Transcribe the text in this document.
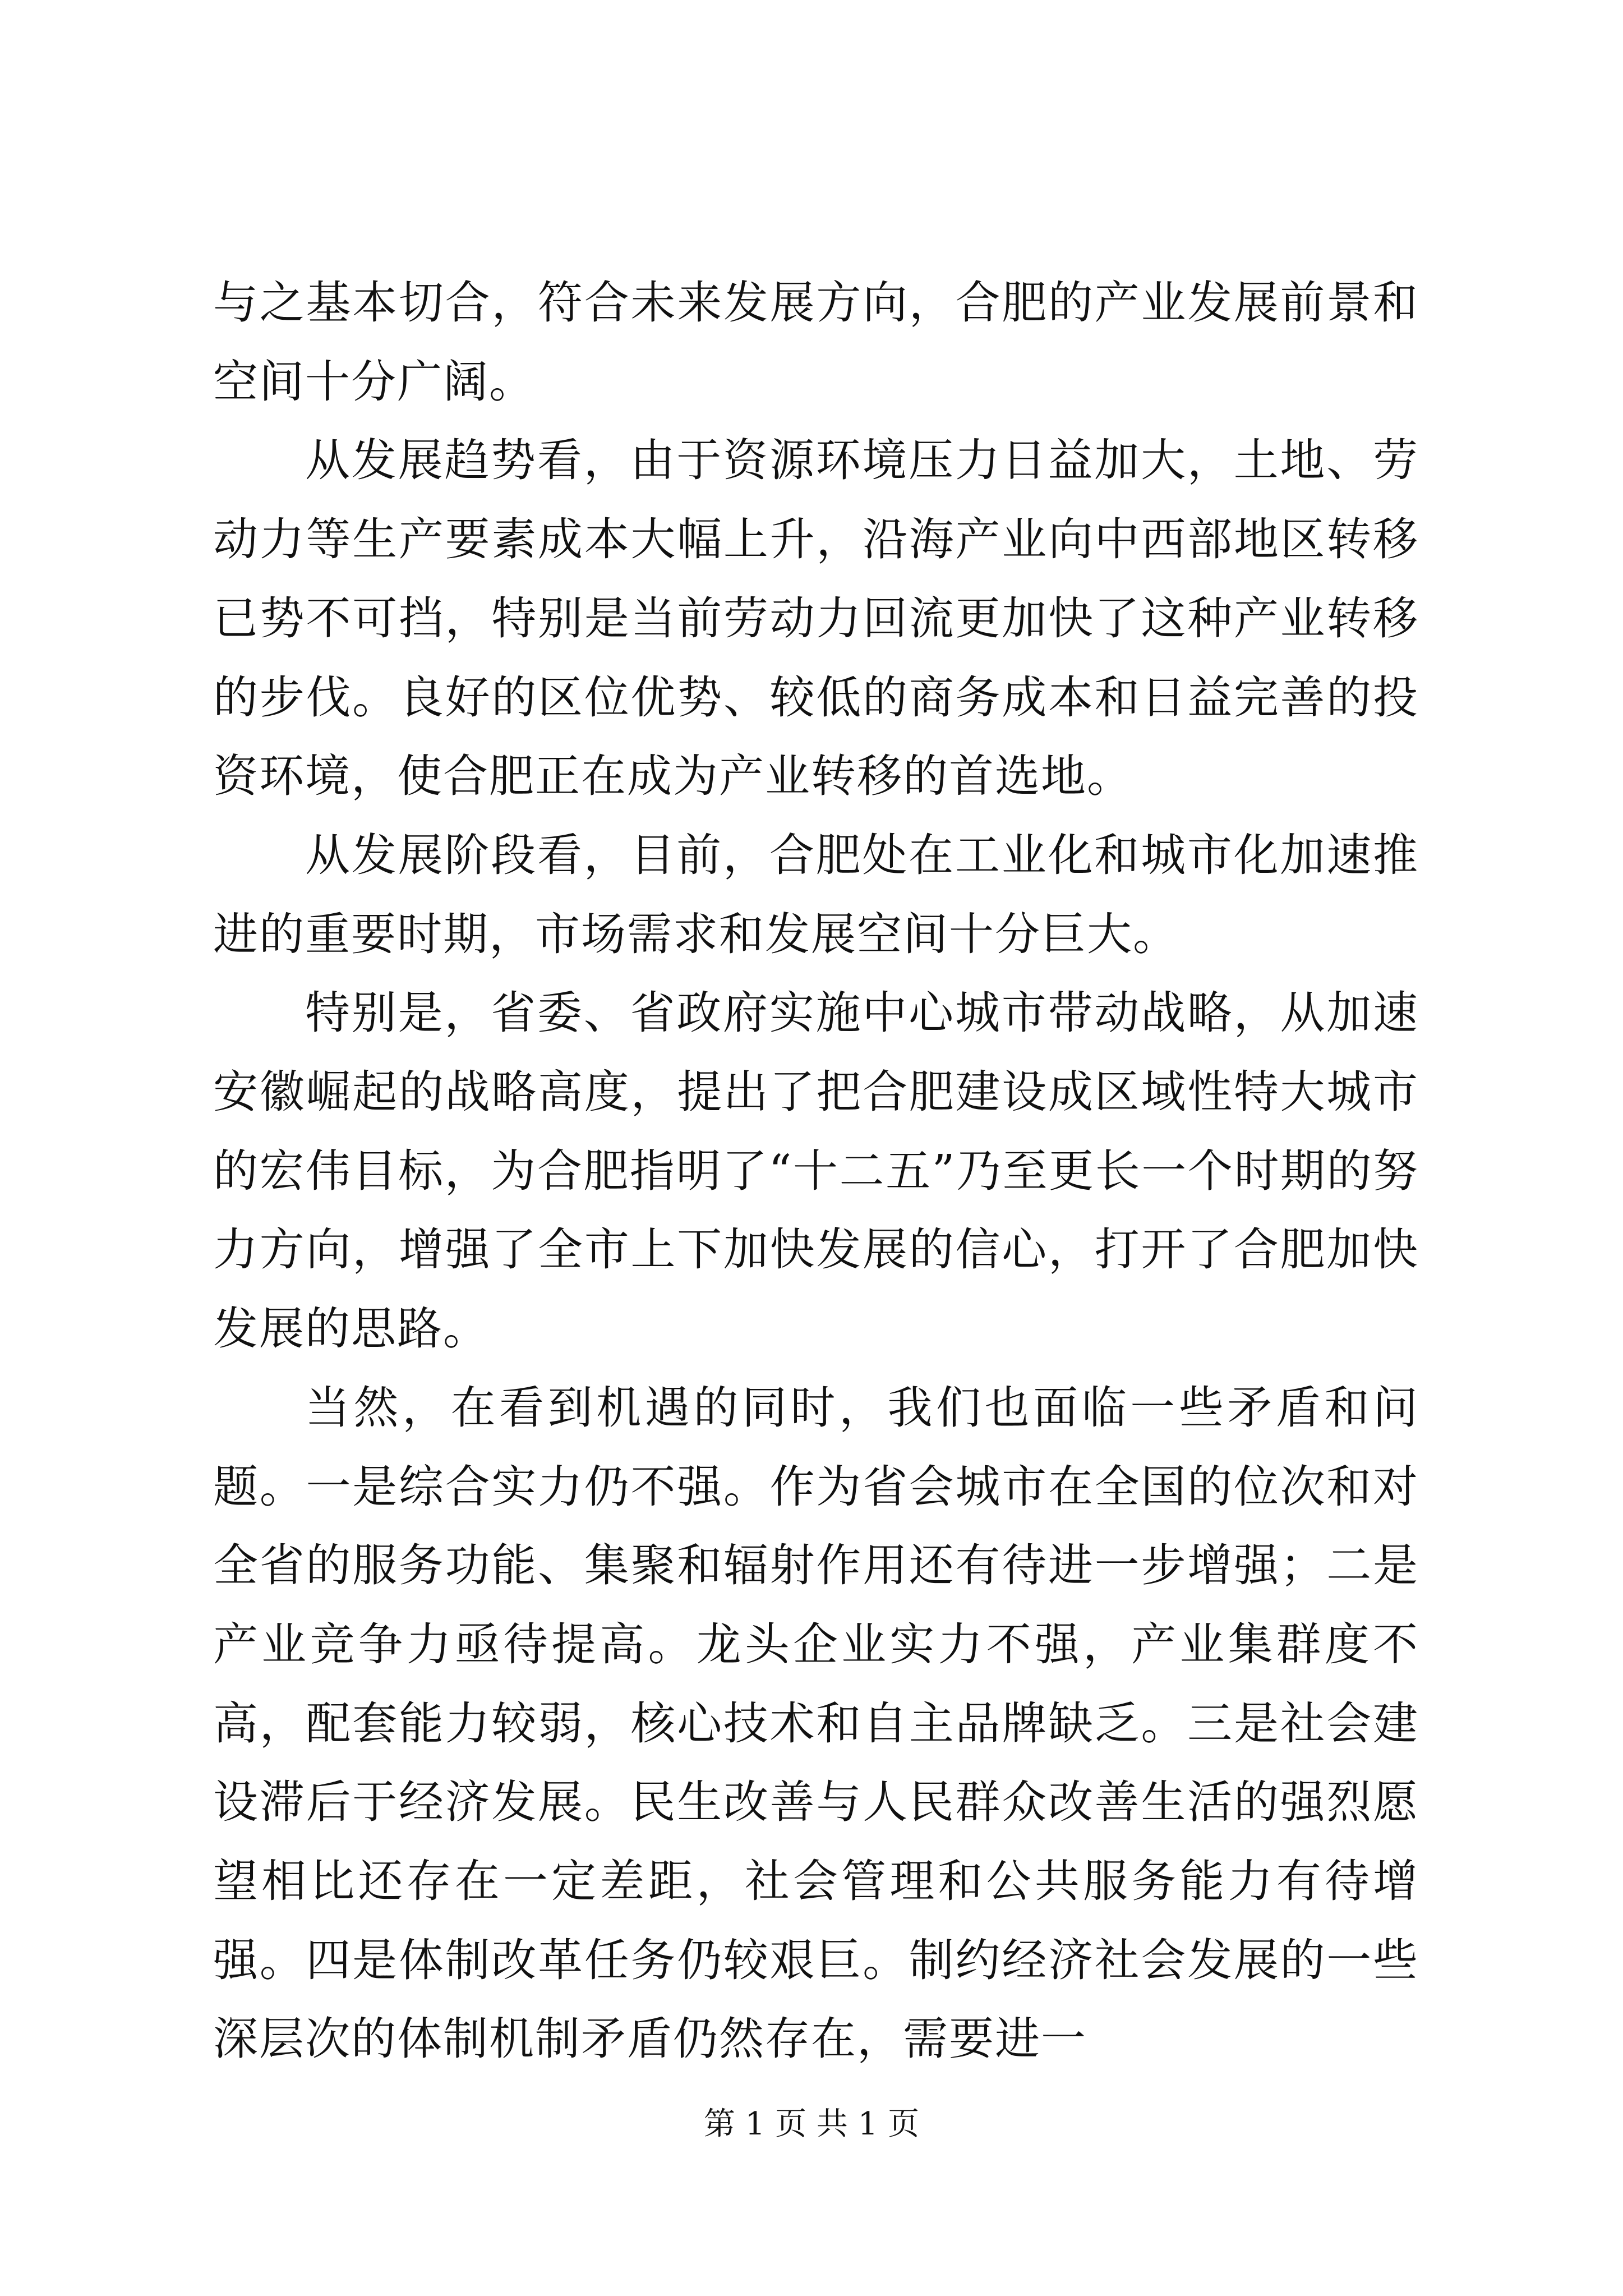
与之基本切合，符合未来发展方向，合肥的产业发展前景和空间十分广阔。

从发展趋势看，由于资源环境压力日益加大，土地、劳动力等生产要素成本大幅上升，沿海产业向中西部地区转移已势不可挡，特别是当前劳动力回流更加快了这种产业转移的步伐。良好的区位优势、较低的商务成本和日益完善的投资环境，使合肥正在成为产业转移的首选地。

从发展阶段看，目前，合肥处在工业化和城市化加速推进的重要时期，市场需求和发展空间十分巨大。

特别是，省委、省政府实施中心城市带动战略，从加速安徽崛起的战略高度，提出了把合肥建设成区域性特大城市的宏伟目标，为合肥指明了“十二五”乃至更长一个时期的努力方向，增强了全市上下加快发展的信心，打开了合肥加快发展的思路。

当然，在看到机遇的同时，我们也面临一些矛盾和问题。一是综合实力仍不强。作为省会城市在全国的位次和对全省的服务功能、集聚和辐射作用还有待进一步增强；二是产业竞争力亟待提高。龙头企业实力不强，产业集群度不高，配套能力较弱，核心技术和自主品牌缺乏。三是社会建设滞后于经济发展。民生改善与人民群众改善生活的强烈愿望相比还存在一定差距，社会管理和公共服务能力有待增强。四是体制改革任务仍较艰巨。制约经济社会发展的一些深层次的体制机制矛盾仍然存在，需要进一

第 1 页 共 1 页
